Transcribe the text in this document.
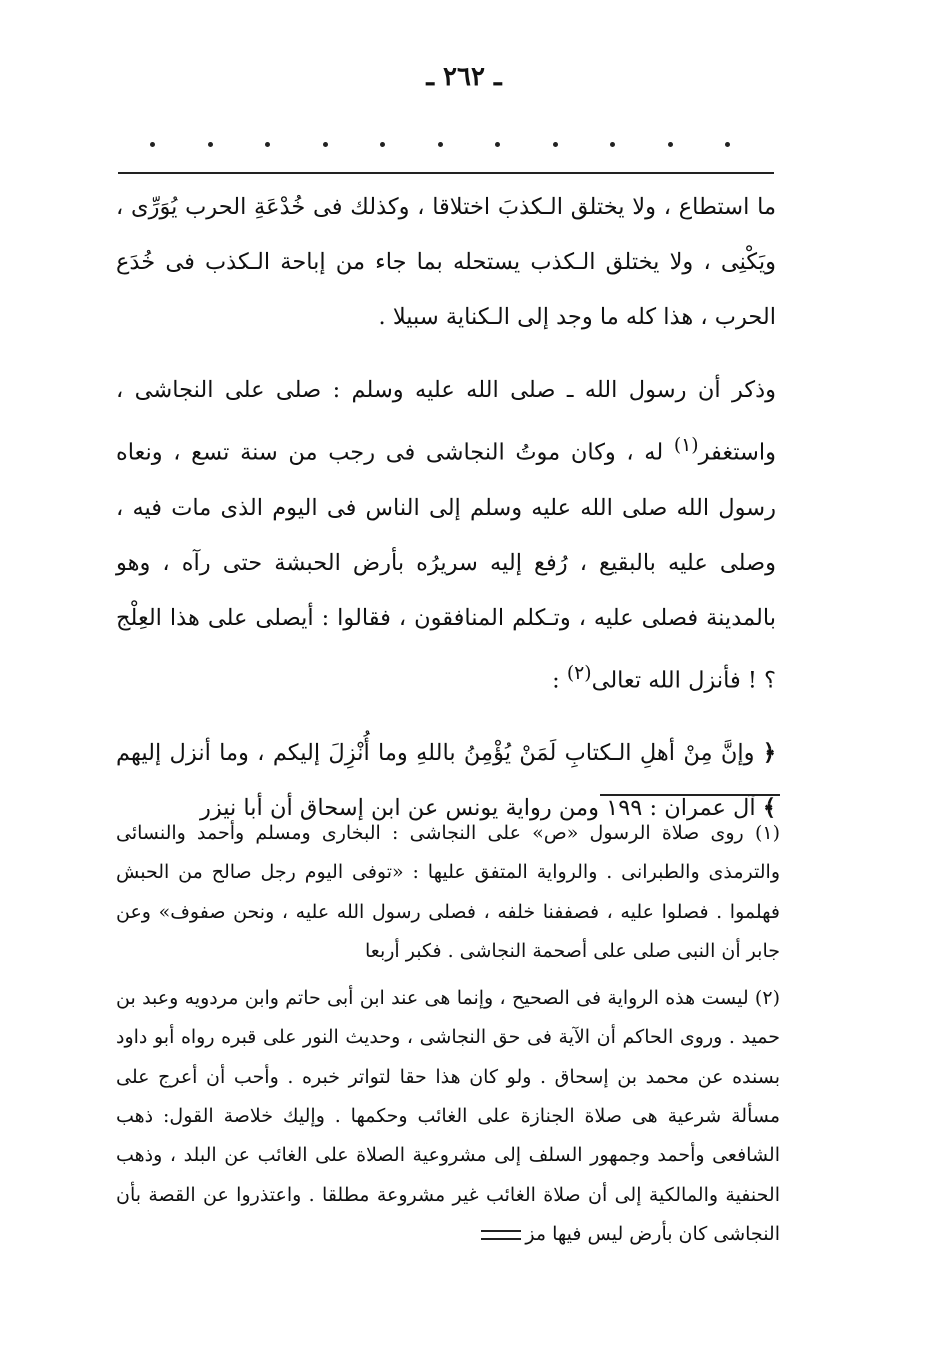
ـ ٢٦٢ ـ

ما استطاع ، ولا يختلق الـكذبَ اختلاقا ، وكذلك فى خُدْعَةِ الحرب يُوَرِّى ، ويَكْنِى ، ولا يختلق الـكذب يستحله بما جاء من إباحة الـكذب فى خُدَع الحرب ، هذا كله ما وجد إلى الـكناية سبيلا .

وذكر أن رسول الله ـ صلى الله عليه وسلم : صلى على النجاشى ، واستغفر$^{(١)}$ له ، وكان موتُ النجاشى فى رجب من سنة تسع ، ونعاه رسول الله صلى الله عليه وسلم إلى الناس فى اليوم الذى مات فيه ، وصلى عليه بالبقيع ، رُفع إليه سريرُه بأرض الحبشة حتى رآه ، وهو بالمدينة فصلى عليه ، وتـكلم المنافقون ، فقالوا : أيصلى على هذا العِلْج ؟ ! فأنزل الله تعالى$^{(٢)}$ :

﴿ وإنَّ مِنْ أهلِ الـكتابِ لَمَنْ يُؤْمِنُ باللهِ وما أُنْزِلَ إليكم ، وما أنزل إليهم ﴾ آل عمران : ١٩٩ ومن رواية يونس عن ابن إسحاق أن أبا نيزر

(١) روى صلاة الرسول «ص» على النجاشى : البخارى ومسلم وأحمد والنسائى والترمذى والطبرانى . والرواية المتفق عليها : «توفى اليوم رجل صالح من الحبش فهلموا . فصلوا عليه ، فصففنا خلفه ، فصلى رسول الله عليه ، ونحن صفوف» وعن جابر أن النبى صلى على أصحمة النجاشى . فكبر أربعا

(٢) ليست هذه الرواية فى الصحيح ، وإنما هى عند ابن أبى حاتم وابن مردويه وعبد بن حميد . وروى الحاكم أن الآية فى حق النجاشى ، وحديث النور على قبره رواه أبو داود بسنده عن محمد بن إسحاق . ولو كان هذا حقا لتواتر خبره . وأحب أن أعرج على مسألة شرعية هى صلاة الجنازة على الغائب وحكمها . وإليك خلاصة القول: ذهب الشافعى وأحمد وجمهور السلف إلى مشروعية الصلاة على الغائب عن البلد ، وذهب الحنفية والمالكية إلى أن صلاة الغائب غير مشروعة مطلقا . واعتذروا عن القصة بأن النجاشى كان بأرض ليس فيها مز
